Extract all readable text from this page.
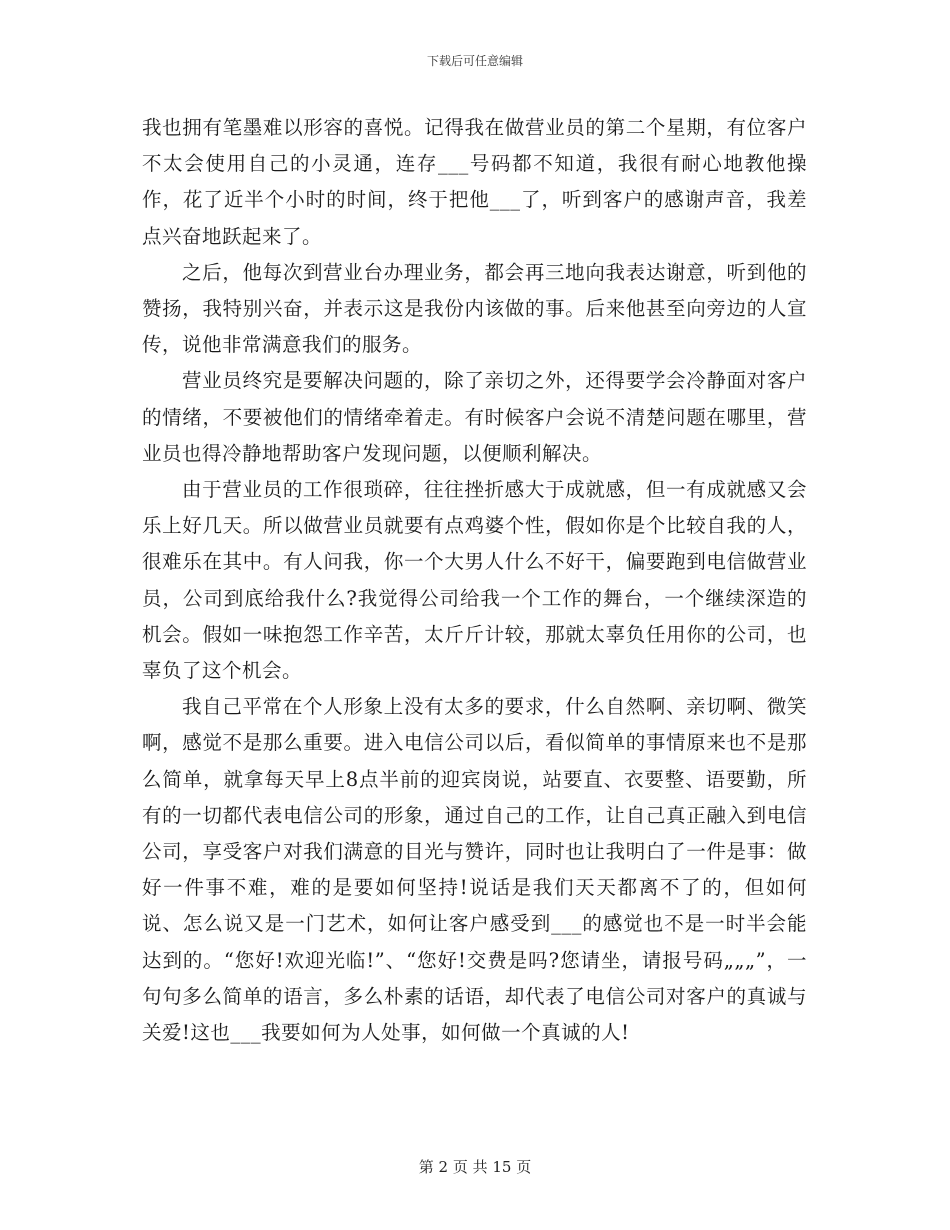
下载后可任意编辑

我也拥有笔墨难以形容的喜悦。记得我在做营业员的第二个星期，有位客户不太会使用自己的小灵通，连存___号码都不知道，我很有耐心地教他操作，花了近半个小时的时间，终于把他___了，听到客户的感谢声音，我差点兴奋地跃起来了。

之后，他每次到营业台办理业务，都会再三地向我表达谢意，听到他的赞扬，我特别兴奋，并表示这是我份内该做的事。后来他甚至向旁边的人宣传，说他非常满意我们的服务。

营业员终究是要解决问题的，除了亲切之外，还得要学会冷静面对客户的情绪，不要被他们的情绪牵着走。有时候客户会说不清楚问题在哪里，营业员也得冷静地帮助客户发现问题，以便顺利解决。

由于营业员的工作很琐碎，往往挫折感大于成就感，但一有成就感又会乐上好几天。所以做营业员就要有点鸡婆个性，假如你是个比较自我的人，很难乐在其中。有人问我，你一个大男人什么不好干，偏要跑到电信做营业员，公司到底给我什么?我觉得公司给我一个工作的舞台，一个继续深造的机会。假如一味抱怨工作辛苦，太斤斤计较，那就太辜负任用你的公司，也辜负了这个机会。

我自己平常在个人形象上没有太多的要求，什么自然啊、亲切啊、微笑啊，感觉不是那么重要。进入电信公司以后，看似简单的事情原来也不是那么简单，就拿每天早上8点半前的迎宾岗说，站要直、衣要整、语要勤，所有的一切都代表电信公司的形象，通过自己的工作，让自己真正融入到电信公司，享受客户对我们满意的目光与赞许，同时也让我明白了一件是事：做好一件事不难，难的是要如何坚持!说话是我们天天都离不了的，但如何说、怎么说又是一门艺术，如何让客户感受到___的感觉也不是一时半会能达到的。“您好!欢迎光临!”、“您好!交费是吗?您请坐，请报号码„„„”，一句句多么简单的语言，多么朴素的话语，却代表了电信公司对客户的真诚与关爱!这也___我要如何为人处事，如何做一个真诚的人!

第 2 页 共 15 页
